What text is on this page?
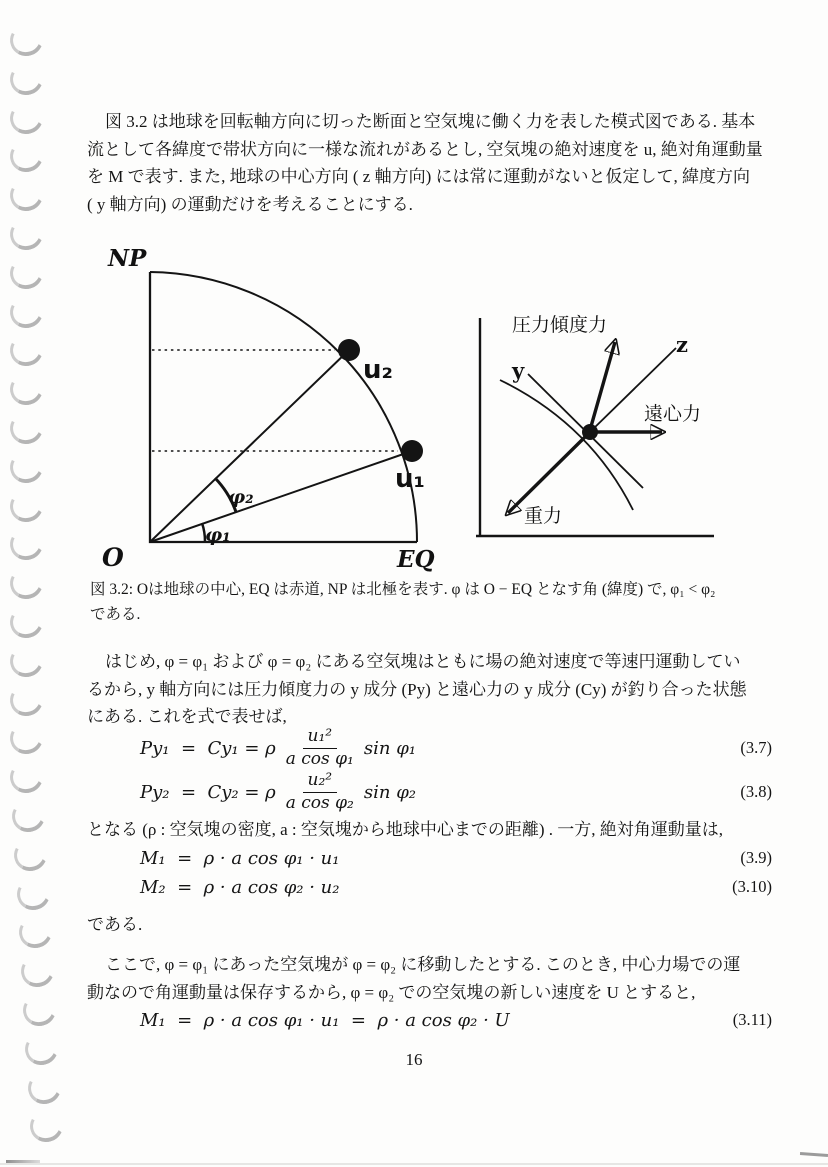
図 3.2 は地球を回転軸方向に切った断面と空気塊に働く力を表した模式図である. 基本
流として各緯度で帯状方向に一様な流れがあるとし, 空気塊の絶対速度を u, 絶対角運動量
を M で表す. また, 地球の中心方向 ( z 軸方向) には常に運動がないと仮定して, 緯度方向
( y 軸方向) の運動だけを考えることにする.
NP
O	EQ
u₂
u₁
φ₂
φ₁
圧力傾度力
z
y
遠心力
重力
図 3.2: Oは地球の中心, EQ は赤道, NP は北極を表す. φ は O − EQ となす角 (緯度) で, φ₁ < φ₂
である.
はじめ, φ = φ₁ および φ = φ₂ にある空気塊はともに場の絶対速度で等速円運動してい
るから, y 軸方向には圧力傾度力の y 成分 (Py) と遠心力の y 成分 (Cy) が釣り合った状態
にある. これを式で表せば,
Py₁  =  Cy₁ = ρ $\frac{\text{u₁²}}{\text{a cos φ₁}}$ sin φ₁	(3.7)
Py₂  =  Cy₂ = ρ $\frac{\text{u₂²}}{\text{a cos φ₂}}$ sin φ₂	(3.8)
となる (ρ : 空気塊の密度, a : 空気塊から地球中心までの距離) . 一方, 絶対角運動量は,
M₁  =  ρ · a cos φ₁ · u₁	(3.9)
M₂  =  ρ · a cos φ₂ · u₂	(3.10)
である.
ここで, φ = φ₁ にあった空気塊が φ = φ₂ に移動したとする. このとき, 中心力場での運
動なので角運動量は保存するから, φ = φ₂ での空気塊の新しい速度を U とすると,
M₁  =  ρ · a cos φ₁ · u₁  =  ρ · a cos φ₂ · U	(3.11)
16
